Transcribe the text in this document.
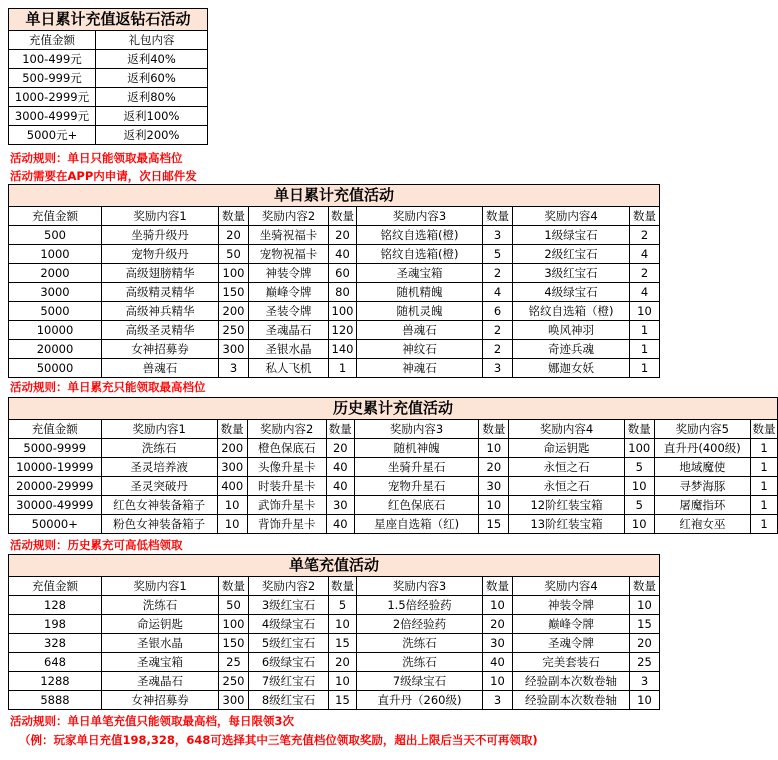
单日累计充值返钻石活动	
充值金额	礼包内容
100-499元	返利40%
500-999元	返利60%
1000-2999元	返利80%
3000-4999元	返利100%
5000元+	返利200%
活动规则：单日只能领取最高档位
活动需要在APP内申请，次日邮件发
单日累计充值活动								
充值金额	奖励内容1	数量	奖励内容2	数量	奖励内容3	数量	奖励内容4	数量
500	坐骑升级丹	20	坐骑祝福卡	20	铭纹自选箱(橙)	3	1级绿宝石	2
1000	宠物升级丹	50	宠物祝福卡	40	铭纹自选箱(橙)	5	2级红宝石	4
2000	高级翅膀精华	100	神装令牌	60	圣魂宝箱	2	3级红宝石	2
3000	高级精灵精华	150	巅峰令牌	80	随机精魄	4	4级绿宝石	4
5000	高级神兵精华	200	圣装令牌	100	随机灵魄	6	铭纹自选箱（橙)	10
10000	高级圣灵精华	250	圣魂晶石	120	兽魂石	2	唤风神羽	1
20000	女神招募券	300	圣银水晶	140	神纹石	2	奇迹兵魂	1
50000	兽魂石	3	私人飞机	1	神魂石	3	娜迦女妖	1
活动规则：单日累充只能领取最高档位
历史累计充值活动										
充值金额	奖励内容1	数量	奖励内容2	数量	奖励内容3	数量	奖励内容4	数量	奖励内容5	数量
5000-9999	洗练石	200	橙色保底石	20	随机神魄	10	命运钥匙	100	直升丹(400级)	1
10000-19999	圣灵培养液	300	头像升星卡	40	坐骑升星石	20	永恒之石	5	地域魔使	1
20000-29999	圣灵突破丹	400	时装升星卡	40	宠物升星石	30	永恒之石	10	寻梦海豚	1
30000-49999	红色女神装备箱子	10	武饰升星卡	30	红色保底石	10	12阶红装宝箱	5	屠魔指环	1
50000+	粉色女神装备箱子	10	背饰升星卡	40	星座自选箱（红)	15	13阶红装宝箱	10	红袍女巫	1
活动规则：历史累充可高低档领取
单笔充值活动								
充值金额	奖励内容1	数量	奖励内容2	数量	奖励内容3	数量	奖励内容4	数量
128	洗练石	50	3级红宝石	5	1.5倍经验药	10	神装令牌	10
198	命运钥匙	100	4级绿宝石	10	2倍经验药	20	巅峰令牌	15
328	圣银水晶	150	5级红宝石	15	洗练石	30	圣魂令牌	20
648	圣魂宝箱	25	6级绿宝石	20	洗练石	40	完美套装石	25
1288	圣魂晶石	250	7级红宝石	10	7级绿宝石	10	经验副本次数卷轴	3
5888	女神招募券	300	8级红宝石	15	直升丹（260级)	3	经验副本次数卷轴	10
活动规则：单日单笔充值只能领取最高档，每日限领3次
（例：玩家单日充值198,328，648可选择其中三笔充值档位领取奖励，超出上限后当天不可再领取)
